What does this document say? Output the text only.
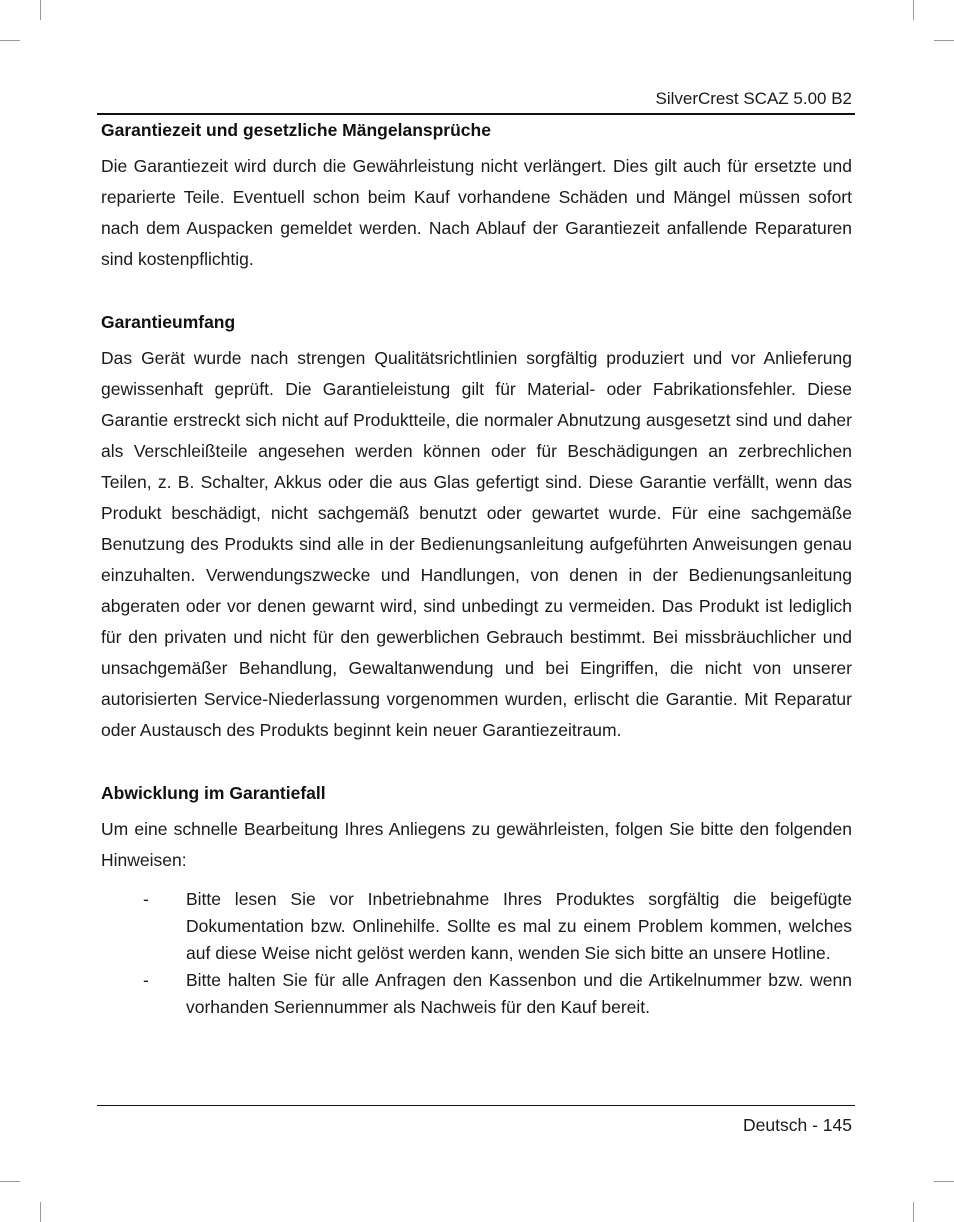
SilverCrest SCAZ 5.00 B2
Garantiezeit und gesetzliche Mängelansprüche

Die Garantiezeit wird durch die Gewährleistung nicht verlängert. Dies gilt auch für ersetzte und reparierte Teile. Eventuell schon beim Kauf vorhandene Schäden und Mängel müssen sofort nach dem Auspacken gemeldet werden. Nach Ablauf der Garantiezeit anfallende Reparaturen sind kostenpflichtig.

Garantieumfang

Das Gerät wurde nach strengen Qualitätsrichtlinien sorgfältig produziert und vor Anlieferung gewissenhaft geprüft. Die Garantieleistung gilt für Material- oder Fabrikationsfehler. Diese Garantie erstreckt sich nicht auf Produktteile, die normaler Abnutzung ausgesetzt sind und daher als Verschleißteile angesehen werden können oder für Beschädigungen an zerbrechlichen Teilen, z. B. Schalter, Akkus oder die aus Glas gefertigt sind. Diese Garantie verfällt, wenn das Produkt beschädigt, nicht sachgemäß benutzt oder gewartet wurde. Für eine sachgemäße Benutzung des Produkts sind alle in der Bedienungsanleitung aufgeführten Anweisungen genau einzuhalten. Verwendungszwecke und Handlungen, von denen in der Bedienungsanleitung abgeraten oder vor denen gewarnt wird, sind unbedingt zu vermeiden. Das Produkt ist lediglich für den privaten und nicht für den gewerblichen Gebrauch bestimmt. Bei missbräuchlicher und unsachgemäßer Behandlung, Gewaltanwendung und bei Eingriffen, die nicht von unserer autorisierten Service-Niederlassung vorgenommen wurden, erlischt die Garantie. Mit Reparatur oder Austausch des Produkts beginnt kein neuer Garantiezeitraum.

Abwicklung im Garantiefall

Um eine schnelle Bearbeitung Ihres Anliegens zu gewährleisten, folgen Sie bitte den folgenden Hinweisen:

- Bitte lesen Sie vor Inbetriebnahme Ihres Produktes sorgfältig die beigefügte Dokumentation bzw. Onlinehilfe. Sollte es mal zu einem Problem kommen, welches auf diese Weise nicht gelöst werden kann, wenden Sie sich bitte an unsere Hotline.
- Bitte halten Sie für alle Anfragen den Kassenbon und die Artikelnummer bzw. wenn vorhanden Seriennummer als Nachweis für den Kauf bereit.
Deutsch - 145
